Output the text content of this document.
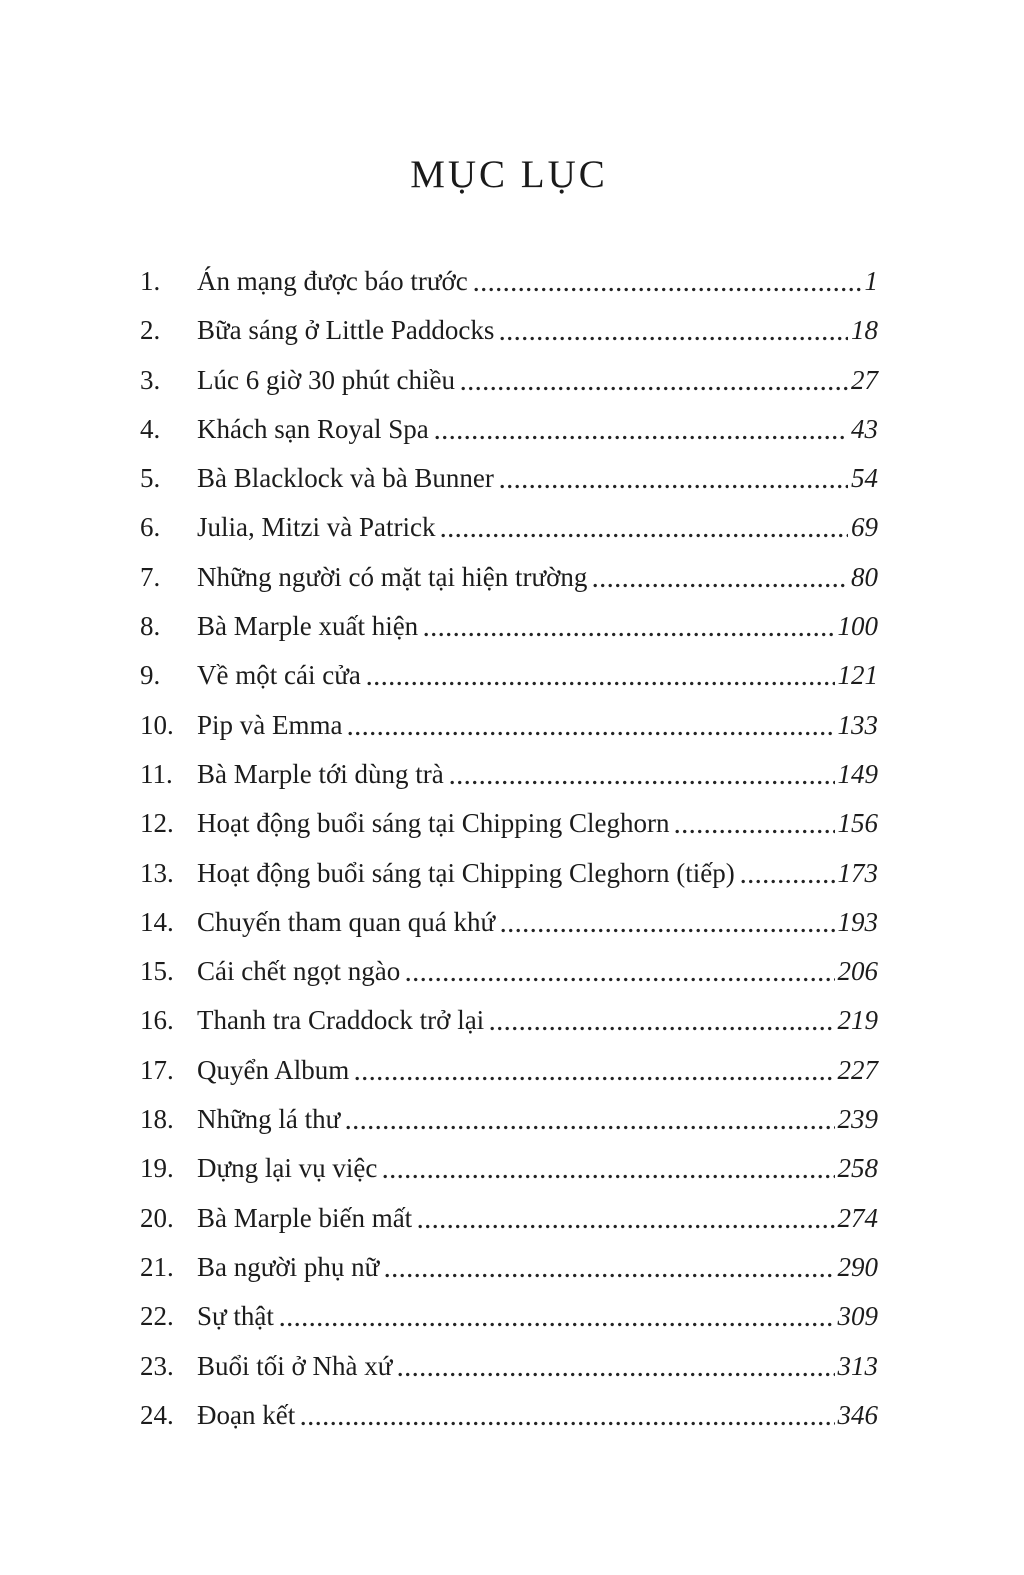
MỤC LỤC
1.	Án mạng được báo trước	1
2.	Bữa sáng ở Little Paddocks	18
3.	Lúc 6 giờ 30 phút chiều	27
4.	Khách sạn Royal Spa	43
5.	Bà Blacklock và bà Bunner	54
6.	Julia, Mitzi và Patrick	69
7.	Những người có mặt tại hiện trường	80
8.	Bà Marple xuất hiện	100
9.	Về một cái cửa	121
10. Pip và Emma	133
11. Bà Marple tới dùng trà	149
12. Hoạt động buổi sáng tại Chipping Cleghorn	156
13. Hoạt động buổi sáng tại Chipping Cleghorn (tiếp)	173
14. Chuyến tham quan quá khứ	193
15. Cái chết ngọt ngào	206
16. Thanh tra Craddock trở lại	219
17. Quyển Album	227
18. Những lá thư	239
19. Dựng lại vụ việc	258
20. Bà Marple biến mất	274
21. Ba người phụ nữ	290
22. Sự thật	309
23. Buổi tối ở Nhà xứ	313
24. Đoạn kết	346
